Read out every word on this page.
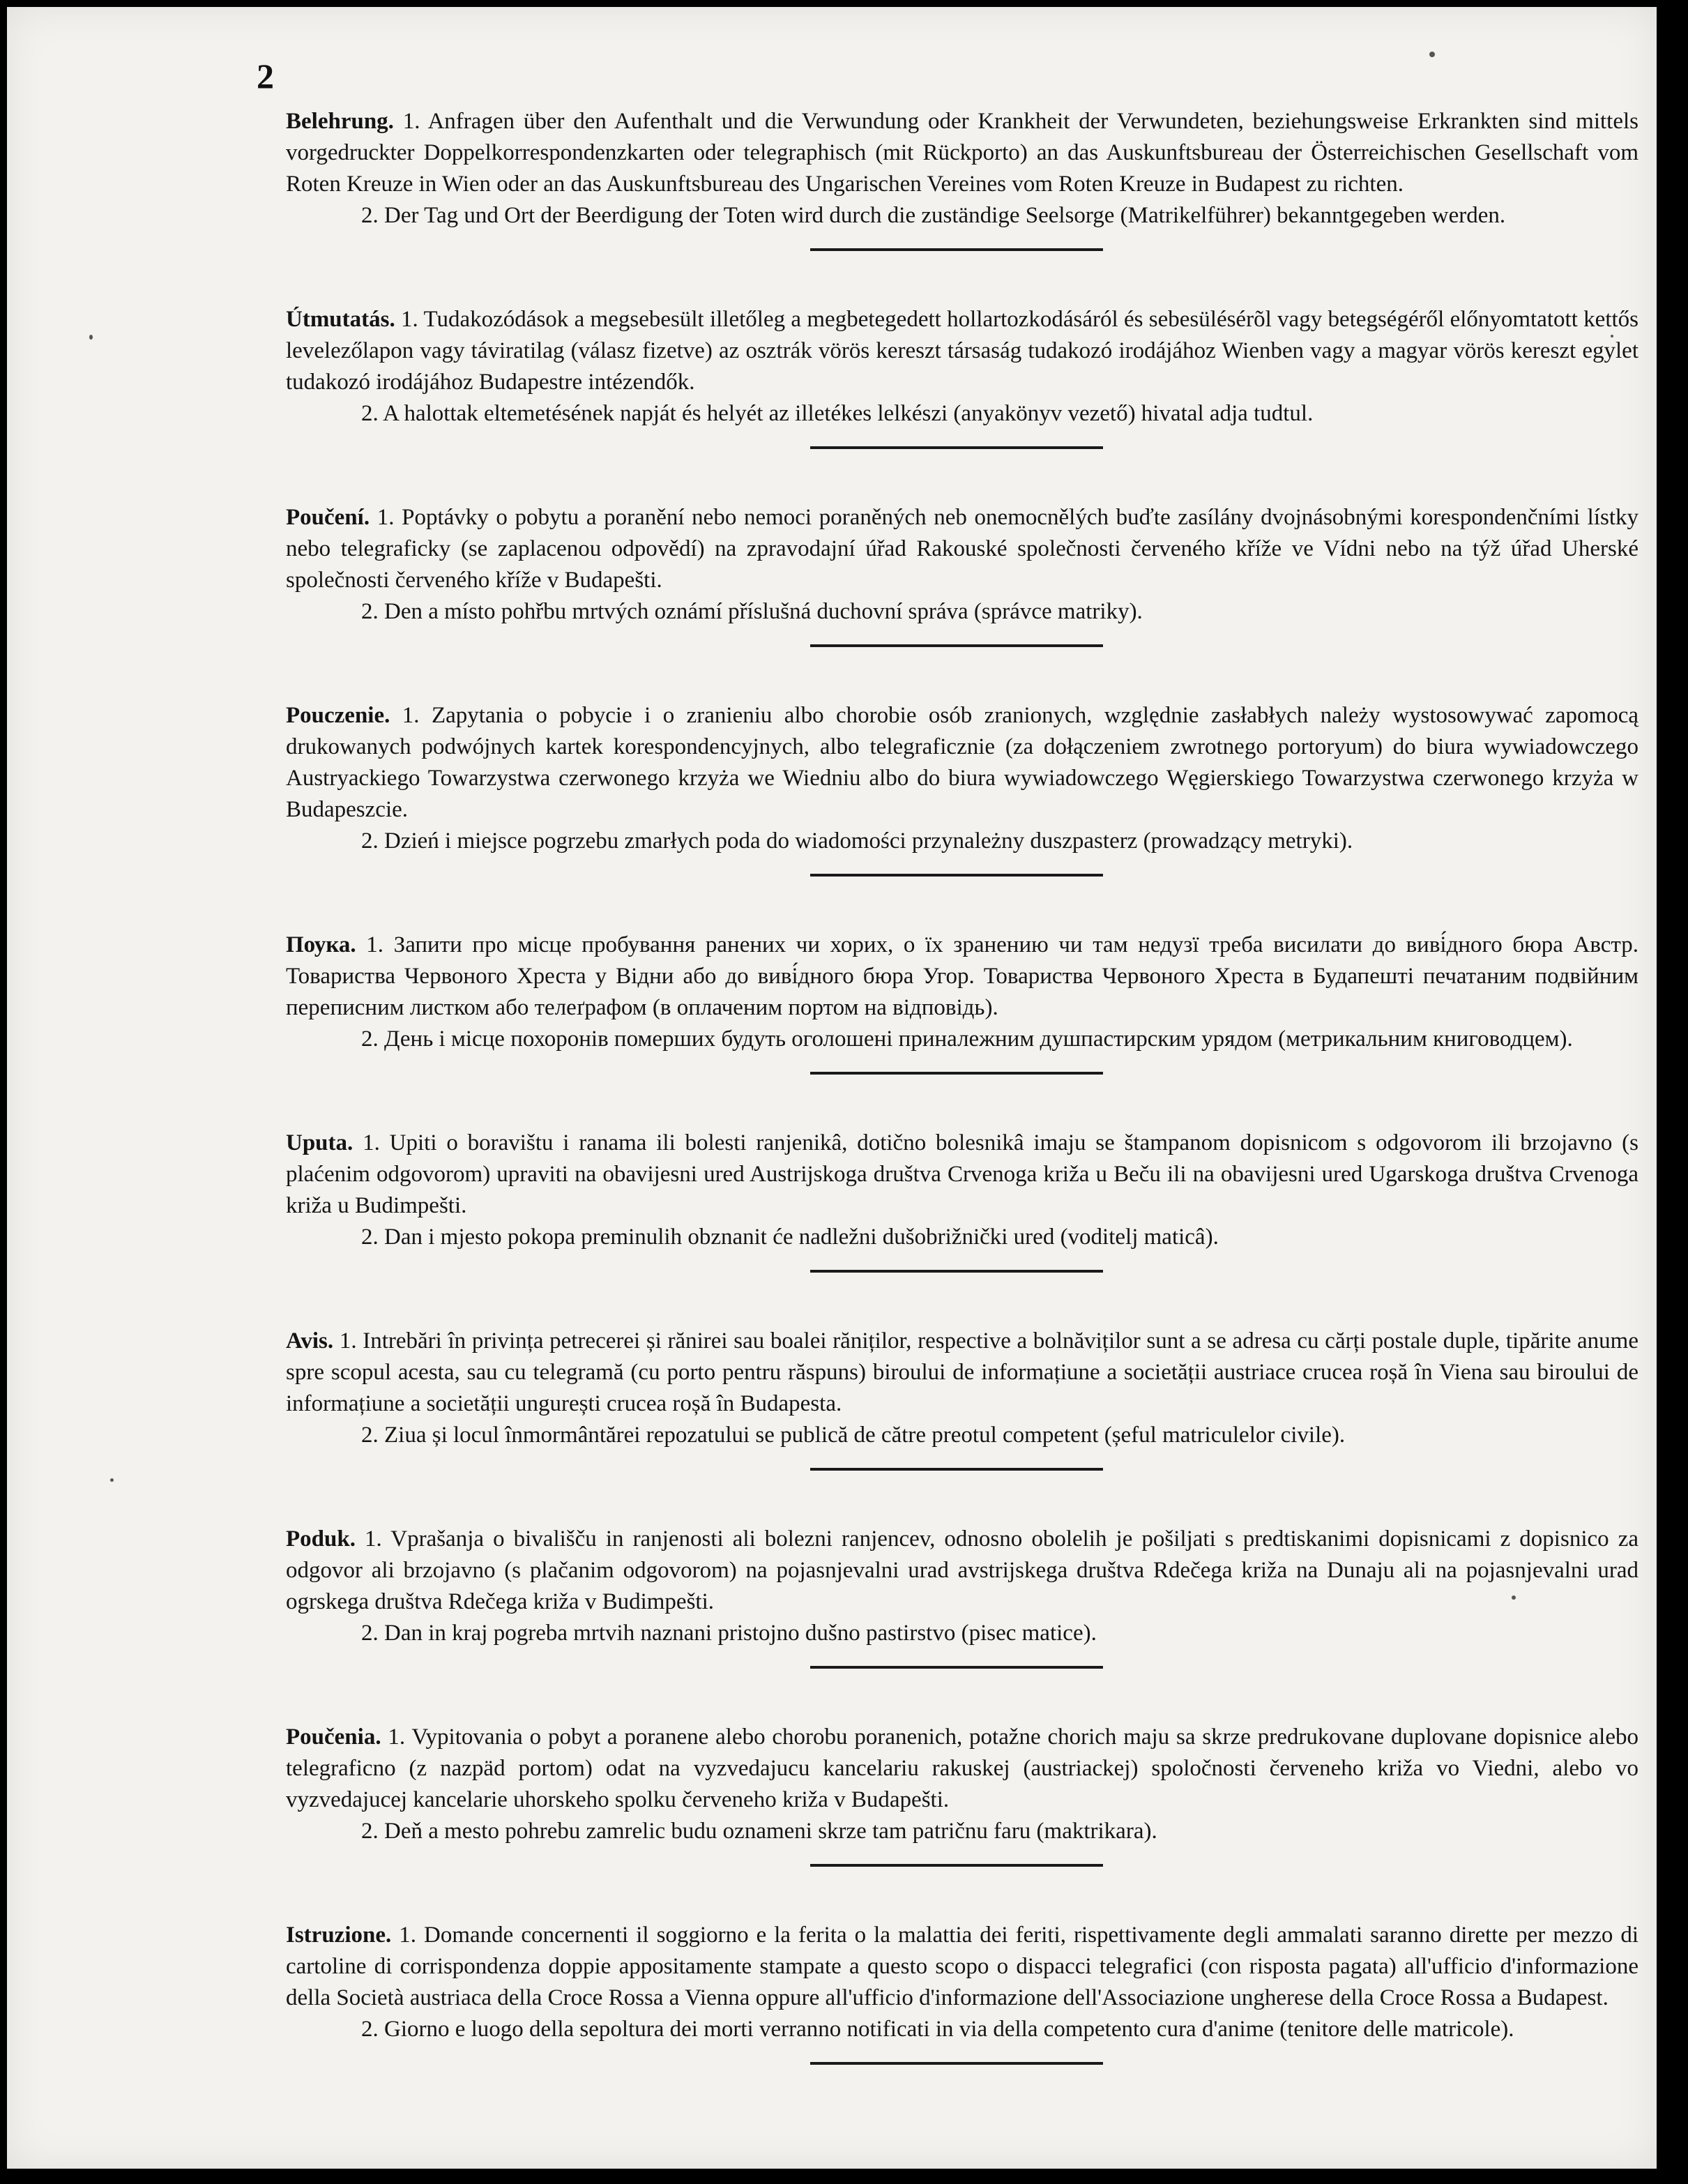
2

Belehrung. 1. Anfragen über den Aufenthalt und die Verwundung oder Krankheit der Verwundeten, beziehungsweise Erkrankten sind mittels vorgedruckter Doppelkorrespondenzkarten oder telegraphisch (mit Rückporto) an das Auskunftsbureau der Österreichischen Gesellschaft vom Roten Kreuze in Wien oder an das Auskunftsbureau des Ungarischen Vereines vom Roten Kreuze in Budapest zu richten.

2. Der Tag und Ort der Beerdigung der Toten wird durch die zuständige Seelsorge (Matrikelführer) bekanntgegeben werden.

Útmutatás. 1. Tudakozódások a megsebesült illetőleg a megbetegedett hollartozkodásáról és sebesülésérõl vagy betegségéről előnyomtatott kettős levelezőlapon vagy táviratilag (válasz fizetve) az osztrák vörös kereszt társaság tudakozó irodájához Wienben vagy a magyar vörös kereszt egylet tudakozó irodájához Budapestre intézendők.

2. A halottak eltemetésének napját és helyét az illetékes lelkészi (anyakönyv vezető) hivatal adja tudtul.

Poučení. 1. Poptávky o pobytu a poranění nebo nemoci poraněných neb onemocnělých buďte zasílány dvojnásobnými korespondenčními lístky nebo telegraficky (se zaplacenou odpovědí) na zpravodajní úřad Rakouské společnosti červeného kříže ve Vídni nebo na týž úřad Uherské společnosti červeného kříže v Budapešti.

2. Den a místo pohřbu mrtvých oznámí příslušná duchovní správa (správce matriky).

Pouczenie. 1. Zapytania o pobycie i o zranieniu albo chorobie osób zranionych, względnie zasłabłych należy wystosowywać zapomocą drukowanych podwójnych kartek korespondencyjnych, albo telegraficznie (za dołączeniem zwrotnego portoryum) do biura wywiadowczego Austryackiego Towarzystwa czerwonego krzyża we Wiedniu albo do biura wywiadowczego Węgierskiego Towarzystwa czerwonego krzyża w Budapeszcie.

2. Dzień i miejsce pogrzebu zmarłych poda do wiadomości przynależny duszpasterz (prowadzący metryki).

Поука. 1. Запити про місце пробування ранених чи хорих, о їх зранению чи там недузї треба висилати до виві́дного бюра Австр. Товариства Червоного Хреста у Відни або до виві́дного бюра Угор. Товариства Червоного Хреста в Будапешті печатаним подвійним переписним листком або телеґрафом (в оплаченим портом на відповідь).

2. День і місце похоронів помершиx будуть оголошені приналежним душпастирским урядом (метрикальним книговодцем).

Uputa. 1. Upiti o boravištu i ranama ili bolesti ranjenikâ, dotično bolesnikâ imaju se štampanom dopisnicom s odgovorom ili brzojavno (s plaćenim odgovorom) upraviti na obavijesni ured Austrijskoga društva Crvenoga križa u Beču ili na obavijesni ured Ugarskoga društva Crvenoga križa u Budimpešti.

2. Dan i mjesto pokopa preminulih obznanit će nadležni dušobrižnički ured (voditelj maticâ).

Avis. 1. Intrebări în privința petrecerei și rănirei sau boalei răniților, respective a bolnăviților sunt a se adresa cu cărți postale duple, tipărite anume spre scopul acesta, sau cu telegramă (cu porto pentru răspuns) biroului de informațiune a societății austriace crucea roșă în Viena sau biroului de informațiune a societății ungurești crucea roșă în Budapesta.

2. Ziua și locul înmormântărei repozatului se publică de către preotul competent (șeful matriculelor civile).

Poduk. 1. Vprašanja o bivališču in ranjenosti ali bolezni ranjencev, odnosno obolelih je pošiljati s predtiskanimi dopisnicami z dopisnico za odgovor ali brzojavno (s plačanim odgovorom) na pojasnjevalni urad avstrijskega društva Rdečega križa na Dunaju ali na pojasnjevalni urad ogrskega društva Rdečega križa v Budimpešti.

2. Dan in kraj pogreba mrtvih naznani pristojno dušno pastirstvo (pisec matice).

Poučenia. 1. Vypitovania o pobyt a poranene alebo chorobu poranenich, potažne chorich maju sa skrze predrukovane duplovane dopisnice alebo telegraficno (z nazpäd portom) odat na vyzvedajucu kancelariu rakuskej (austriackej) spoločnosti červeneho križa vo Viedni, alebo vo vyzvedajucej kancelarie uhorskeho spolku červeneho križa v Budapešti.

2. Deň a mesto pohrebu zamrelic budu oznameni skrze tam patričnu faru (maktrikara).

Istruzione. 1. Domande concernenti il soggiorno e la ferita o la malattia dei feriti, rispettivamente degli ammalati saranno dirette per mezzo di cartoline di corrispondenza doppie appositamente stampate a questo scopo o dispacci telegrafici (con risposta pagata) all'ufficio d'informazione della Società austriaca della Croce Rossa a Vienna oppure all'ufficio d'informazione dell'Associazione ungherese della Croce Rossa a Budapest.

2. Giorno e luogo della sepoltura dei morti verranno notificati in via della competento cura d'anime (tenitore delle matricole).
